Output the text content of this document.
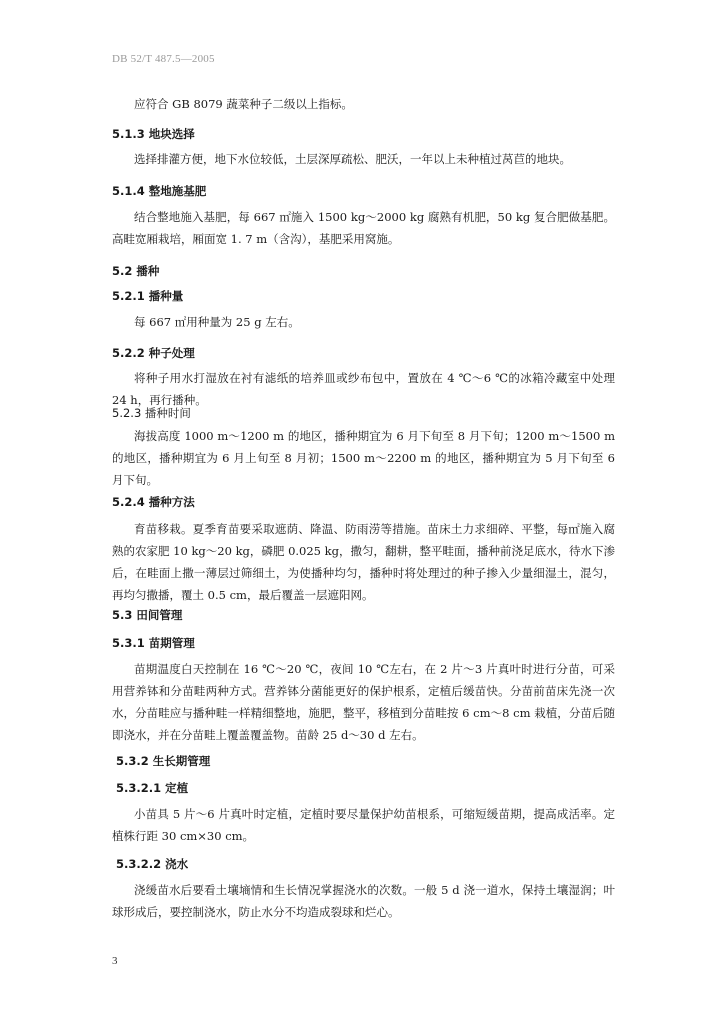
DB 52/T 487.5—2005

应符合 GB 8079 蔬菜种子二级以上指标。

5.1.3 地块选择

选择排灌方便，地下水位较低，土层深厚疏松、肥沃，一年以上未种植过莴苣的地块。

5.1.4 整地施基肥

结合整地施入基肥，每 667 ㎡施入 1500 kg～2000 kg 腐熟有机肥，50 kg 复合肥做基肥。高畦宽厢栽培，厢面宽 1. 7 m（含沟），基肥采用窝施。

5.2 播种

5.2.1 播种量

每 667 ㎡用种量为 25 g 左右。

5.2.2 种子处理

将种子用水打湿放在衬有滤纸的培养皿或纱布包中，置放在 4 ℃～6 ℃的冰箱冷藏室中处理 24 h，再行播种。

5.2.3 播种时间

海拔高度 1000 m～1200 m 的地区，播种期宜为 6 月下旬至 8 月下旬；1200 m～1500 m 的地区，播种期宜为 6 月上旬至 8 月初；1500 m～2200 m 的地区，播种期宜为 5 月下旬至 6 月下旬。

5.2.4 播种方法

育苗移栽。夏季育苗要采取遮荫、降温、防雨涝等措施。苗床土力求细碎、平整，每㎡施入腐熟的农家肥 10 kg～20 kg，磷肥 0.025 kg，撒匀，翻耕，整平畦面，播种前浇足底水，待水下渗后，在畦面上撒一薄层过筛细土，为使播种均匀，播种时将处理过的种子掺入少量细湿土，混匀，再均匀撒播，覆土 0.5 cm，最后覆盖一层遮阳网。

5.3 田间管理

5.3.1 苗期管理

苗期温度白天控制在 16 ℃～20 ℃，夜间 10 ℃左右，在 2 片～3 片真叶时进行分苗，可采用营养钵和分苗畦两种方式。营养钵分菌能更好的保护根系，定植后缓苗快。分苗前苗床先浇一次水，分苗畦应与播种畦一样精细整地，施肥，整平，移植到分苗畦按 6 cm～8 cm 栽植，分苗后随即浇水，并在分苗畦上覆盖覆盖物。苗龄 25 d～30 d 左右。

5.3.2 生长期管理

5.3.2.1 定植

小苗具 5 片～6 片真叶时定植，定植时要尽量保护幼苗根系，可缩短缓苗期，提高成活率。定植株行距 30 cm×30 cm。

5.3.2.2 浇水

浇缓苗水后要看土壤墒情和生长情况掌握浇水的次数。一般 5 d 浇一道水，保持土壤湿润；叶球形成后，要控制浇水，防止水分不均造成裂球和烂心。

3
